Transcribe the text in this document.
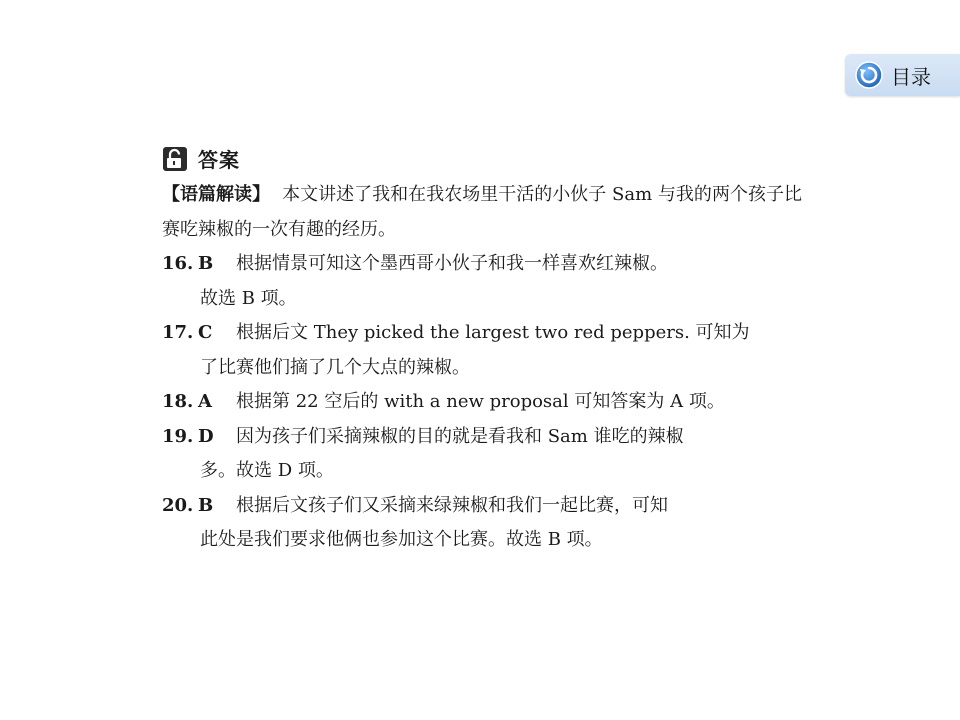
目录
答案

【语篇解读】 本文讲述了我和在我农场里干活的小伙子 Sam 与我的两个孩子比赛吃辣椒的一次有趣的经历。

16. B	根据情景可知这个墨西哥小伙子和我一样喜欢红辣椒。
故选 B 项。
17. C	根据后文 They picked the largest two red peppers. 可知为
了比赛他们摘了几个大点的辣椒。
18. A	根据第 22 空后的 with a new proposal 可知答案为 A 项。
19. D	因为孩子们采摘辣椒的目的就是看我和 Sam 谁吃的辣椒
多。故选 D 项。
20. B	根据后文孩子们又采摘来绿辣椒和我们一起比赛，可知
此处是我们要求他俩也参加这个比赛。故选 B 项。
